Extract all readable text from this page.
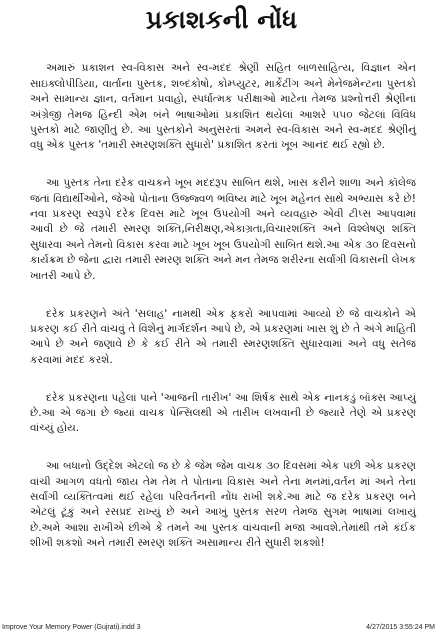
પ્રકાશકની નોંધ

અમારું પ્રકાશન સ્વ-વિકાસ અને સ્વ-મદદ શ્રેણી સહિત બાળસાહિત્ય, વિજ્ઞાન એન સાઇક્લોપીડિયા, વાર્તાના પુસ્તક, શબ્દકોષો, કોમ્પ્યુટર, માર્કેટીંગ અને મેનેજમેન્ટના પુસ્તકો અને સામાન્ય જ્ઞાન, વર્તમાન પ્રવાહો, સ્પર્ધાત્મક પરીક્ષાઓ માટેના તેમજ પ્રશ્નોત્તરી શ્રેણીનાં અંગ્રેજી તેમજ હિન્દી એમ બંને ભાષાઓમાં પ્રકાશિત થયેલાં આશરે ૫૫૦ જેટલાં વિવિધ પુસ્તકો માટે જાણીતું છે. આ પુસ્તકોને અનુસરતાં અમને સ્વ-વિકાસ અને સ્વ-મદદ શ્રેણીનું વધુ એક પુસ્તક 'તમારી સ્મરણશક્તિ સુધારો' પ્રકાશિત કરતાં ખૂબ આનંદ થઈ રહ્યો છે.

આ પુસ્તક તેના દરેક વાચકને ખૂબ મદદરૂપ સાબિત થશે, ખાસ કરીને શાળા અને કૉલેજ જતાં વિદ્યાર્થીઓને, જેઓ પોતાના ઉજ્જ્વળ ભવિષ્ય માટે ખૂબ મહેનત સાથે અભ્યાસ કરે છે! નવા પ્રકરણ સ્વરૂપે દરેક દિવસ માટે ખૂબ ઉપયોગી અને વ્યવહારુ એવી ટીપ્સ આપવામાં આવી છે જે તમારી સ્મરણ શક્તિ,નિરીક્ષણ,એકાગ્રતા,વિચારશક્તિ અને વિશ્લેષણ શક્તિ સુધારવા અને તેમનો વિકાસ કરવા માટે ખૂબ ખૂબ ઉપયોગી સાબિત થશે.આ એક ૩૦ દિવસનો કાર્યક્રમ છે જેના દ્વારા તમારી સ્મરણ શક્તિ અને મન તેમજ શરીરના સર્વાંગી વિકાસની લેખક ખાતરી આપે છે.

દરેક પ્રકરણને અંતે 'સલાહ' નામથી એક ફકરો આપવામાં આવ્યો છે જે વાચકોને એ પ્રકરણ કઈ રીતે વાંચવું તે વિશેનું માર્ગદર્શન આપે છે, એ પ્રકરણમાં ખાસ શું છે તે અંગે માહિતી આપે છે અને જણાવે છે કે કઈ રીતે એ તમારી સ્મરણશક્તિ સુધારવામાં અને વધુ સતેજ કરવામાં મદદ કરશે.

દરેક પ્રકરણના પહેલાં પાને 'આજની તારીખ' આ શિર્ષક સાથે એક નાનકડું બૉક્સ આપ્યું છે.આ એ જગા છે જ્યાં વાચક પેન્સિલથી એ તારીખ લખવાની છે જ્યારે તેણે એ પ્રકરણ વાંચ્યું હોય.

આ બધાનો ઉદ્દેશ એટલો જ છે કે જેમ જેમ વાચક ૩૦ દિવસમાં એક પછી એક પ્રકરણ વાંચી આગળ વધતો જાય તેમ તેમ તે પોતાના વિકાસ અને તેના મનમાં,વર્તન માં અને તેના સર્વાંગી વ્યક્તિત્વમાં થઈ રહેલા પરિવર્તનની નોંધ રાખી શકે.આ માટે જ દરેક પ્રકરણ બને એટલું ટૂંકું અને રસપ્રદ રાખ્યું છે અને આખું પુસ્તક સરળ તેમજ સુગમ ભાષામાં લખાયું છે.અમે આશા રાખીએ છીએ કે તમને આ પુસ્તક વાંચવાની મજા આવશે.તેમાંથી તમે કંઈક શીખી શકશો અને તમારી સ્મરણ શક્તિ અસામાન્ય રીતે સુધારી શકશો!

Improve Your Memory Power (Gujrati).indd 3	4/27/2015 3:55:24 PM
